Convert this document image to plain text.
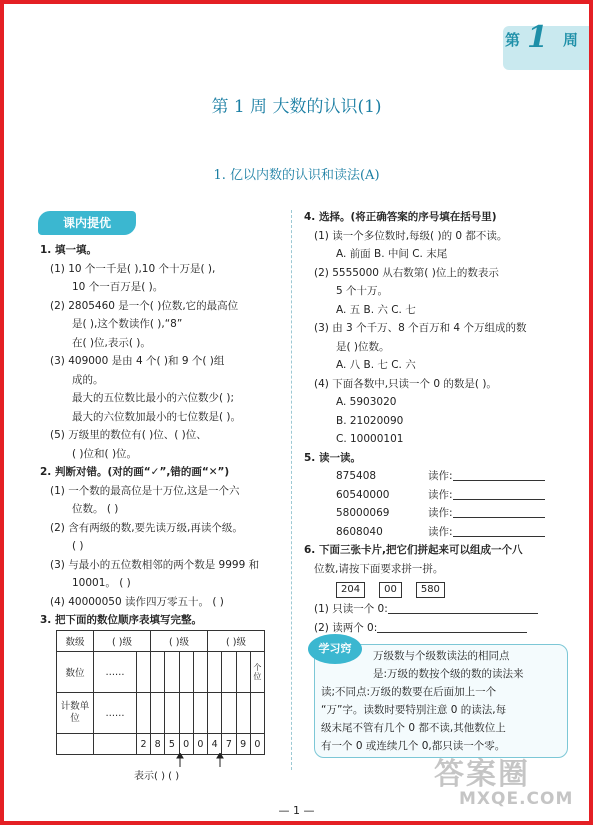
第 1 周
第 1 周 大数的认识(1)
1. 亿以内数的认识和读法(A)
课内提优
1. 填一填。
(1) 10 个一千是( ),10 个十万是( ),
10 个一百万是( )。
(2) 2805460 是一个( )位数,它的最高位
是( ),这个数读作( ),“8”
在( )位,表示( )。
(3) 409000 是由 4 个( )和 9 个( )组
成的。
最大的五位数比最小的六位数少( );
最大的六位数加最小的七位数是( )。
(5) 万级里的数位有( )位、( )位、
( )位和( )位。
2. 判断对错。(对的画“✓”,错的画“✕”)
(1) 一个数的最高位是十万位,这是一个六
位数。 ( )
(2) 含有两级的数,要先读万级,再读个级。
( )
(3) 与最小的五位数相邻的两个数是 9999 和
10001。 ( )
(4) 40000050 读作四万零五十。 ( )
3. 把下面的数位顺序表填写完整。
数级	( )级		( )级				( )级			
数位	……									个位
计数单位	……									
		2	8	5	0	0	4	7	9	0
表示( ) ( )
4. 选择。(将正确答案的序号填在括号里)
(1) 读一个多位数时,每级( )的 0 都不读。
A. 前面 B. 中间 C. 末尾
(2) 5555000 从右数第( )位上的数表示
5 个十万。
A. 五 B. 六 C. 七
(3) 由 3 个千万、8 个百万和 4 个万组成的数
是( )位数。
A. 八 B. 七 C. 六
(4) 下面各数中,只读一个 0 的数是( )。
A. 5903020
B. 21020090
C. 10000101
5. 读一读。
875408	读作:
60540000	读作:
58000069	读作:
8608040	读作:
6. 下面三张卡片,把它们拼起来可以组成一个八
位数,请按下面要求拼一拼。
204 00 580
(1) 只读一个 0:
(2) 读两个 0:
万级数与个级数读法的相同点
是:万级的数按个级的数的读法来
读;不同点:万级的数要在后面加上一个
“万”字。读数时要特别注意 0 的读法,每
级末尾不管有几个 0 都不读,其他数位上
有一个 0 或连续几个 0,都只读一个零。
学习窍
答案圈
MXQE.COM
— 1 —
